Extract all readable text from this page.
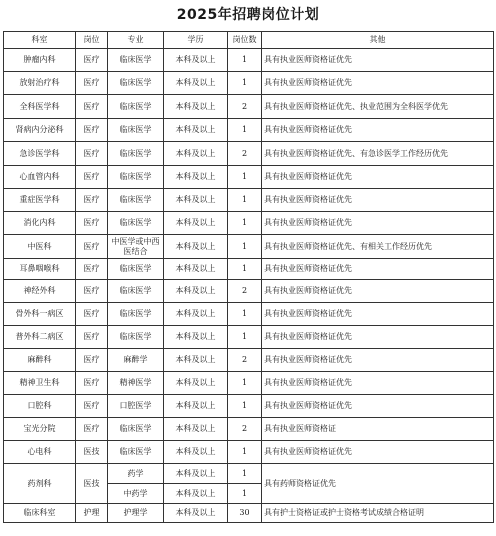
2025年招聘岗位计划
科室	岗位	专业	学历	岗位数	其他
肿瘤内科	医疗	临床医学	本科及以上	1	具有执业医师资格证优先
放射治疗科	医疗	临床医学	本科及以上	1	具有执业医师资格证优先
全科医学科	医疗	临床医学	本科及以上	2	具有执业医师资格证优先、执业范围为全科医学优先
肾病内分泌科	医疗	临床医学	本科及以上	1	具有执业医师资格证优先
急诊医学科	医疗	临床医学	本科及以上	2	具有执业医师资格证优先、有急诊医学工作经历优先
心血管内科	医疗	临床医学	本科及以上	1	具有执业医师资格证优先
重症医学科	医疗	临床医学	本科及以上	1	具有执业医师资格证优先
消化内科	医疗	临床医学	本科及以上	1	具有执业医师资格证优先
中医科	医疗	中医学或中西医结合	本科及以上	1	具有执业医师资格证优先、有相关工作经历优先
耳鼻咽喉科	医疗	临床医学	本科及以上	1	具有执业医师资格证优先
神经外科	医疗	临床医学	本科及以上	2	具有执业医师资格证优先
骨外科一病区	医疗	临床医学	本科及以上	1	具有执业医师资格证优先
普外科二病区	医疗	临床医学	本科及以上	1	具有执业医师资格证优先
麻醉科	医疗	麻醉学	本科及以上	2	具有执业医师资格证优先
精神卫生科	医疗	精神医学	本科及以上	1	具有执业医师资格证优先
口腔科	医疗	口腔医学	本科及以上	1	具有执业医师资格证优先
宝光分院	医疗	临床医学	本科及以上	2	具有执业医师资格证
心电科	医技	临床医学	本科及以上	1	具有执业医师资格证优先
药剂科	医技	药学	本科及以上	1	具有药师资格证优先
		中药学	本科及以上	1	
临床科室	护理	护理学	本科及以上	30	具有护士资格证或护士资格考试成绩合格证明
